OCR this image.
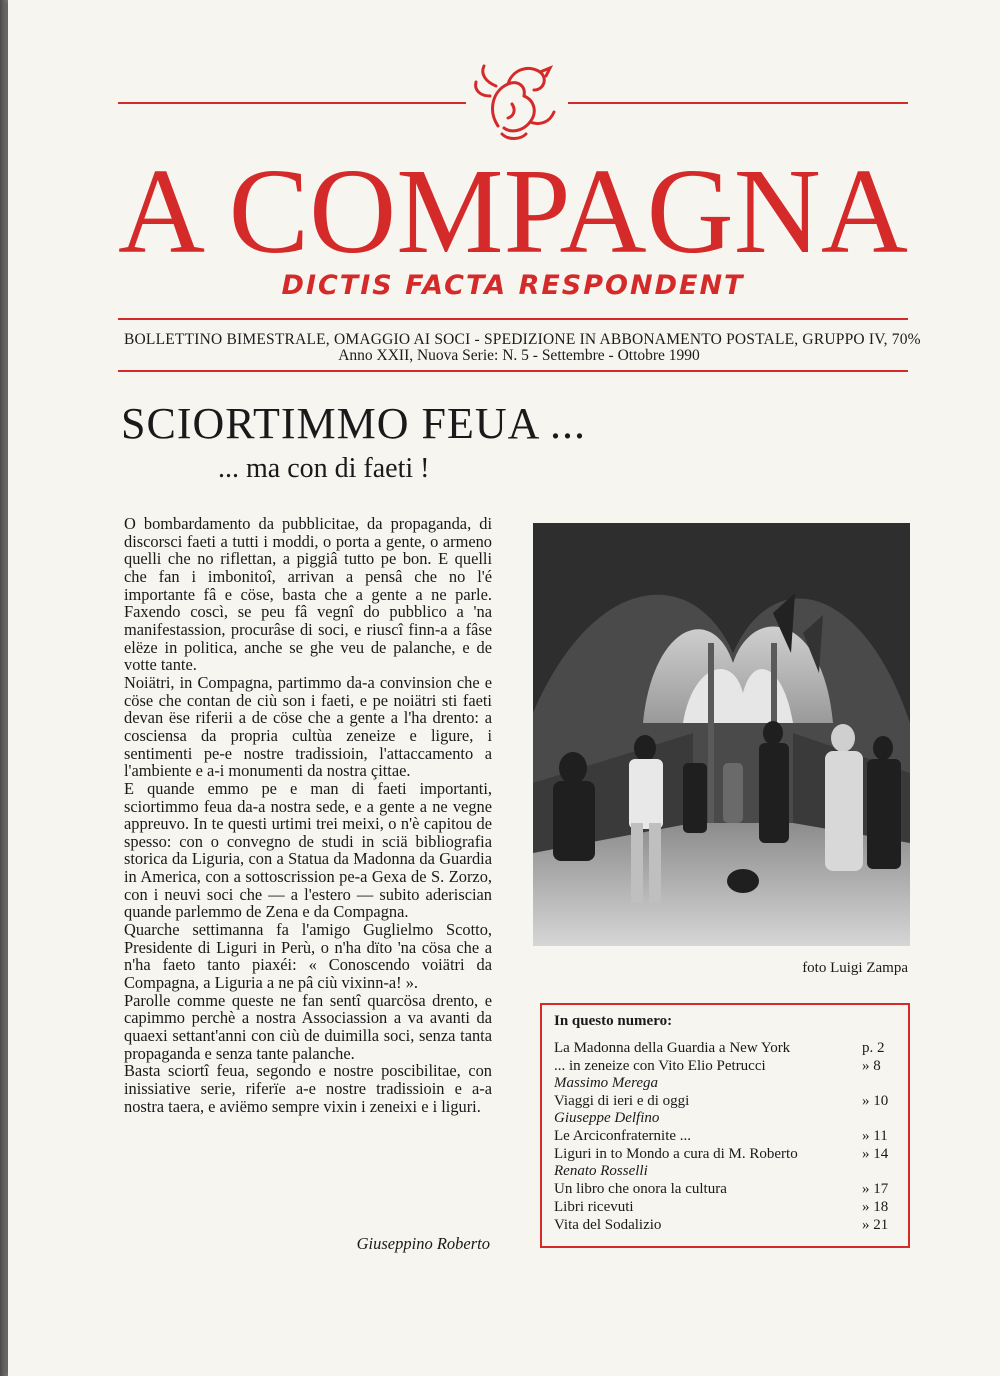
A COMPAGNA
DICTIS FACTA RESPONDENT
BOLLETTINO BIMESTRALE, OMAGGIO AI SOCI - SPEDIZIONE IN ABBONAMENTO POSTALE, GRUPPO IV, 70%
Anno XXII, Nuova Serie: N. 5 - Settembre - Ottobre 1990
SCIORTIMMO FEUA ...
... ma con di faeti !

O bombardamento da pubblicitae, da propaganda, di discorsci faeti a tutti i moddi, o porta a gente, o armeno quelli che no riflettan, a piggiâ tutto pe bon. E quelli che fan i imbonitoî, arrivan a pensâ che no l'é importante fâ e cöse, basta che a gente a ne parle. Faxendo coscì, se peu fâ vegnî do pubblico a 'na manifestassion, procurâse di soci, e riuscî finn-a a fâse elëze in politica, anche se ghe veu de palanche, e de votte tante.

Noiätri, in Compagna, partimmo da-a convinsion che e cöse che contan de ciù son i faeti, e pe noiätri sti faeti devan ëse riferii a de cöse che a gente a l'ha drento: a cosciensa da propria cultùa zeneize e ligure, i sentimenti pe-e nostre tradissioin, l'attaccamento a l'ambiente e a-i monumenti da nostra çittae.

E quande emmo pe e man di faeti importanti, sciortimmo feua da-a nostra sede, e a gente a ne vegne appreuvo. In te questi urtimi trei meixi, o n'è capitou de spesso: con o convegno de studi in sciä bibliografia storica da Liguria, con a Statua da Madonna da Guardia in America, con a sottoscrission pe-a Gexa de S. Zorzo, con i neuvi soci che — a l'estero — subito aderiscian quande parlemmo de Zena e da Compagna.

Quarche settimanna fa l'amigo Guglielmo Scotto, Presidente di Liguri in Perù, o n'ha dïto 'na cösa che a n'ha faeto tanto piaxéi: « Conoscendo voiätri da Compagna, a Liguria a ne pâ ciù vixinn-a! ».

Parolle comme queste ne fan sentî quarcösa drento, e capimmo perchè a nostra Associassion a va avanti da quaexi settant'anni con ciù de duimilla soci, senza tanta propaganda e senza tante palanche.

Basta sciortî feua, segondo e nostre poscibilitae, con inissiative serie, riferïe a-e nostre tradissioin e a-a nostra taera, e aviëmo sempre vixin i zeneixi e i liguri.

Giuseppino Roberto
foto Luigi Zampa
In questo numero:
La Madonna della Guardia a New York	p. 2
... in zeneize con Vito Elio Petrucci	» 8
Massimo Merega
Viaggi di ieri e di oggi	» 10
Giuseppe Delfino
Le Arciconfraternite ...	» 11
Liguri in to Mondo a cura di M. Roberto	» 14
Renato Rosselli
Un libro che onora la cultura	» 17
Libri ricevuti	» 18
Vita del Sodalizio	» 21
